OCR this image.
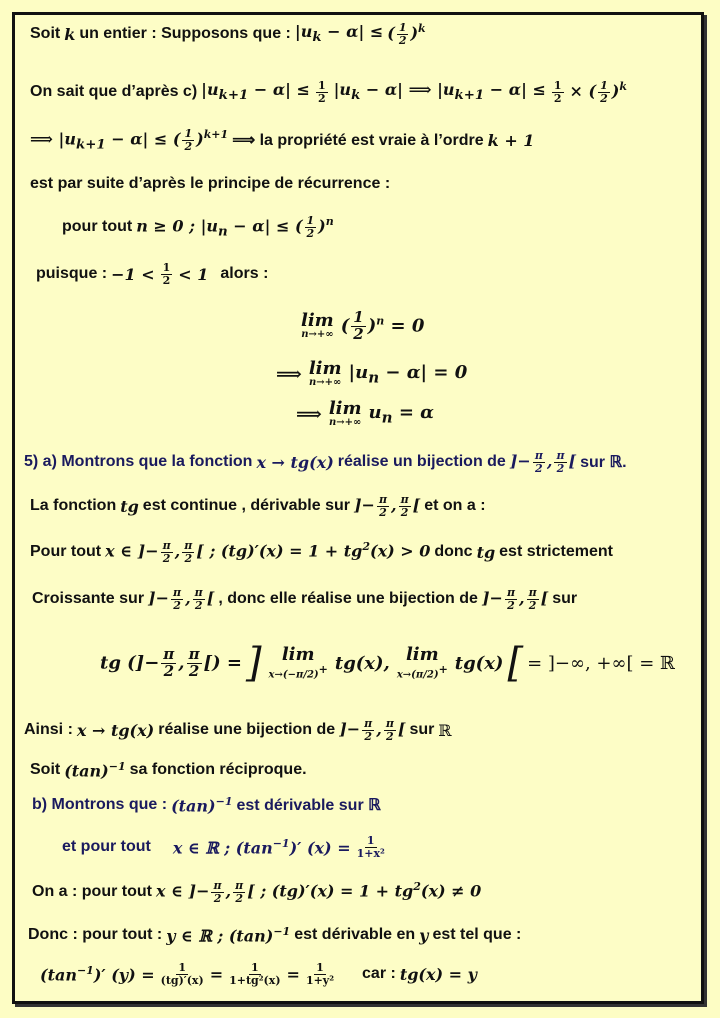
Soit k un entier : Supposons que : $|u_k - \alpha|$ ≤ ( $\frac{1}{2} )^k$
On sait que d’après c) $|u_{k+1} - \alpha| \le \frac{1}{2} |u_k - \alpha|$ ⟹ $|u_{k+1} - \alpha| \le \frac{1}{2}$ × ( $\frac{1}{2} )^k$
⟹ $|u_{k+1} - \alpha|$ ≤ ( $\frac{1}{2} )^{k+1}$ ⟹ la propriété est vraie à l’ordre k + 1
est par suite d’après le principe de récurrence :
pour tout n ≥ 0 ; $|u_n - \alpha|$ ≤ ( $\frac{1}{2} )^n$
puisque : $-1 < \frac{1}{2} < 1$ alors :
lim
n→+∞ ( $\frac{1}{2} )^n = 0$
⟹ lim
n→+∞ $|u_n - \alpha| = 0$
⟹ lim
n→+∞ $u_n = \alpha$
5) a) Montrons que la fonction x → tg(x) réalise un bijection de ]− $\frac{\pi}{2}$ , $\frac{\pi}{2}$ [ sur ℝ.
La fonction tg est continue , dérivable sur ]− $\frac{\pi}{2}$ , $\frac{\pi}{2}$ [ et on a :
Pour tout x ∈ ]− $\frac{\pi}{2}$ , $\frac{\pi}{2}$ [ ; $(tg)'(x) = 1 + tg^2(x) > 0$ donc tg est strictement
Croissante sur ]− $\frac{\pi}{2}$ , $\frac{\pi}{2}$ [ , donc elle réalise une bijection de ]− $\frac{\pi}{2}$ , $\frac{\pi}{2}$ [ sur
tg (]− $\frac{\pi}{2}$ , $\frac{\pi}{2}$ [) = ]	lim
x→(−π/2)+ tg(x), lim
x→(π/2)+ tg(x) [ = ]−∞, +∞[ = ℝ
Ainsi : x → tg(x) réalise une bijection de ]− $\frac{\pi}{2}$ , $\frac{\pi}{2}$ [ sur ℝ
Soit $(\tan)^{-1}$ sa fonction réciproque.
b) Montrons que : $(\tan)^{-1}$ est dérivable sur ℝ
et pour tout x ∈ ℝ ; $(\tan^{-1})'$ $(x) = \frac{1}{\text{1+x²}}$
On a : pour tout x ∈ ]− $\frac{\pi}{2}$ , $\frac{\pi}{2}$ [ ; $(tg)'(x) = 1 + tg^2(x) \ne 0$
Donc : pour tout : y ∈ ℝ ; $(\tan)^{-1}$ est dérivable en y est tel que :
$(\tan^{-1})'$ $(y) = \frac{1}{(tg)'(x)} = \frac{1}{\text{1+tg²(x)}} = \frac{1}{\text{1+y²}}$ car : tg(x) = y
